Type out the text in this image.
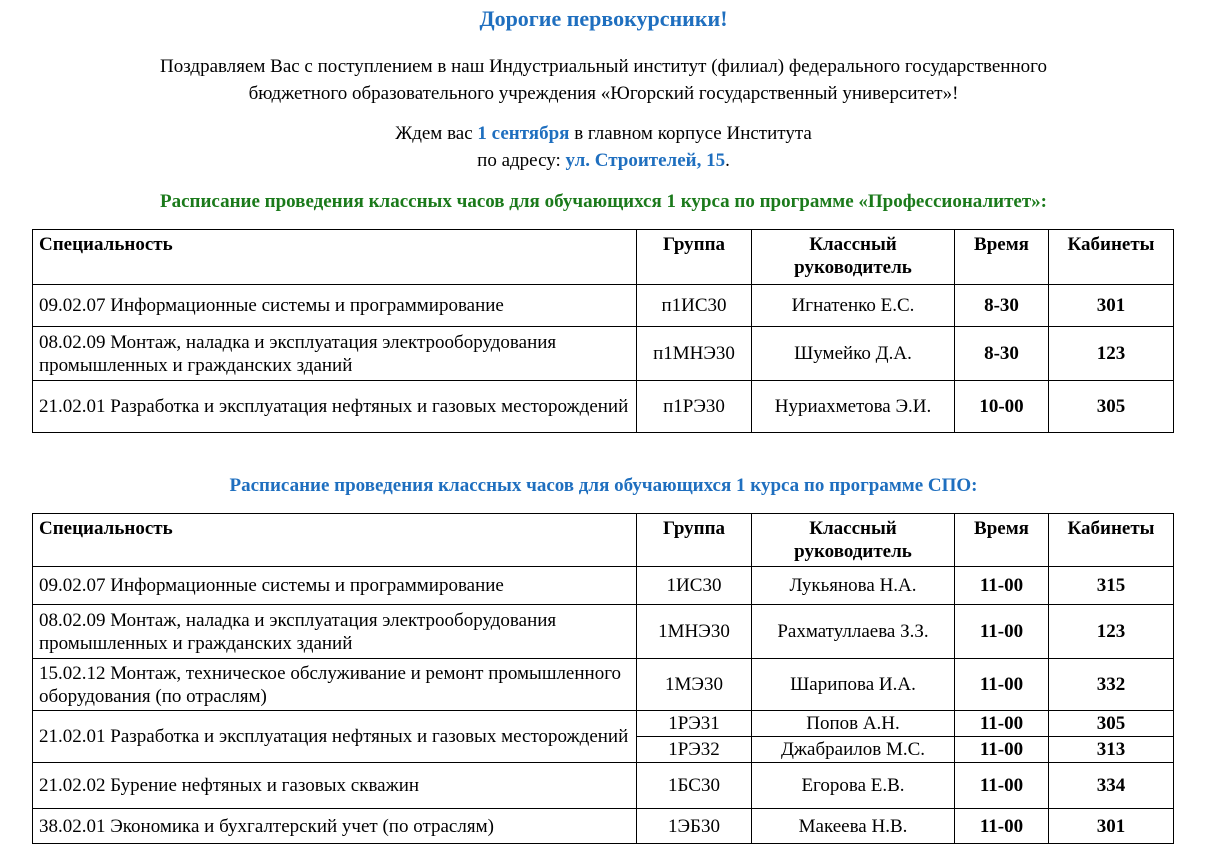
Дорогие первокурсники!
Поздравляем Вас с поступлением в наш Индустриальный институт (филиал) федерального государственного
бюджетного образовательного учреждения «Югорский государственный университет»!
Ждем вас 1 сентября в главном корпусе Института
по адресу: ул. Строителей, 15.
Расписание проведения классных часов для обучающихся 1 курса по программе «Профессионалитет»:
Специальность	Группа	Классный руководитель	Время	Кабинеты
09.02.07 Информационные системы и программирование	п1ИС30	Игнатенко Е.С.	8-30	301
08.02.09 Монтаж, наладка и эксплуатация электрооборудования промышленных и гражданских зданий	п1МНЭ30	Шумейко Д.А.	8-30	123
21.02.01 Разработка и эксплуатация нефтяных и газовых месторождений	п1РЭ30	Нуриахметова Э.И.	10-00	305
Расписание проведения классных часов для обучающихся 1 курса по программе СПО:
Специальность	Группа	Классный руководитель	Время	Кабинеты
09.02.07 Информационные системы и программирование	1ИС30	Лукьянова Н.А.	11-00	315
08.02.09 Монтаж, наладка и эксплуатация электрооборудования промышленных и гражданских зданий	1МНЭ30	Рахматуллаева З.З.	11-00	123
15.02.12 Монтаж, техническое обслуживание и ремонт промышленного оборудования (по отраслям)	1МЭ30	Шарипова И.А.	11-00	332
21.02.01 Разработка и эксплуатация нефтяных и газовых месторождений	1РЭ31	Попов А.Н.	11-00	305
	1РЭ32	Джабраилов М.С.	11-00	313
21.02.02 Бурение нефтяных и газовых скважин	1БС30	Егорова Е.В.	11-00	334
38.02.01 Экономика и бухгалтерский учет (по отраслям)	1ЭБ30	Макеева Н.В.	11-00	301
